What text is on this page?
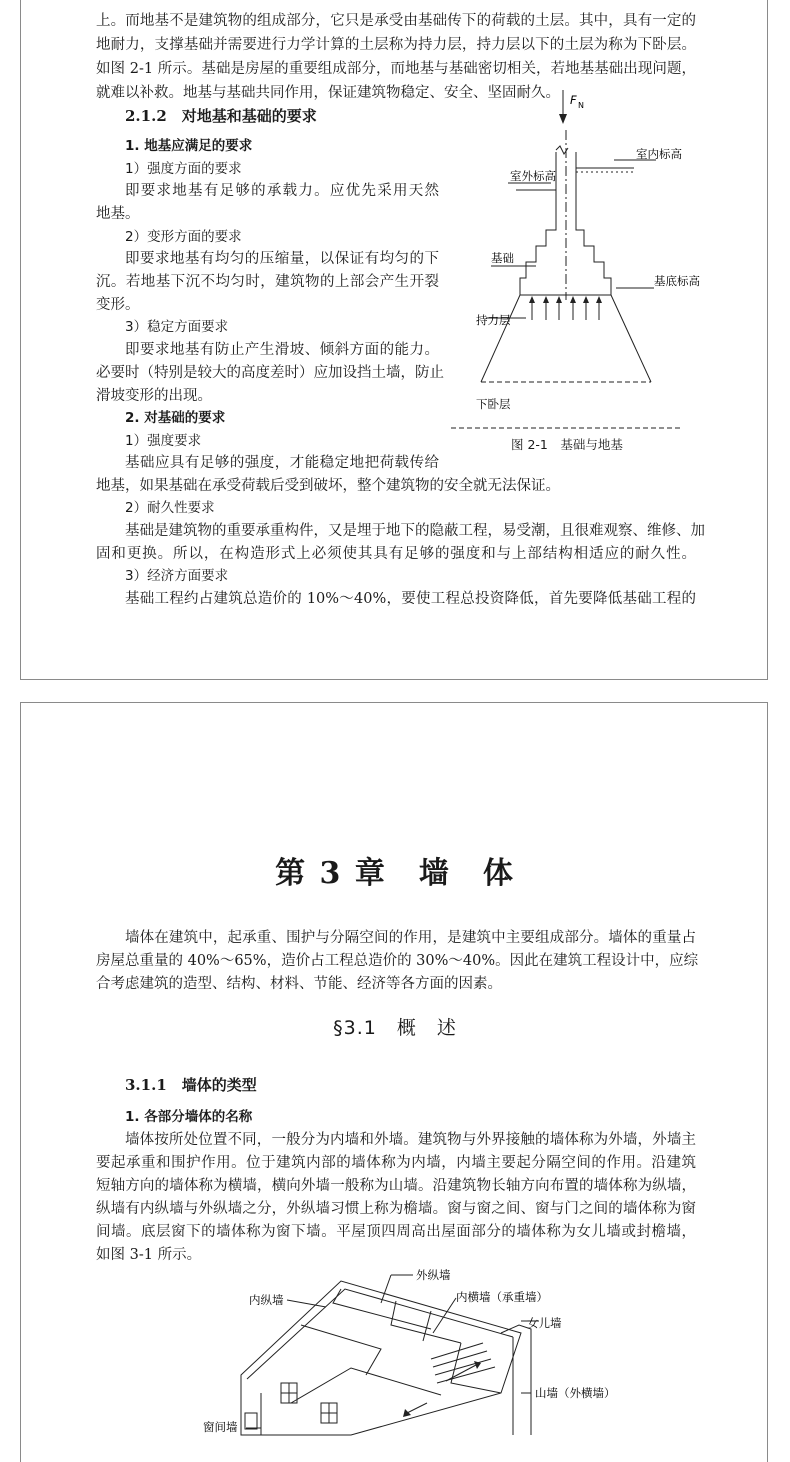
上。而地基不是建筑物的组成部分，它只是承受由基础传下的荷载的土层。其中，具有一定的
地耐力，支撑基础并需要进行力学计算的土层称为持力层，持力层以下的土层为称为下卧层。
如图 2-1 所示。基础是房屋的重要组成部分，而地基与基础密切相关，若地基基础出现问题，
就难以补救。地基与基础共同作用，保证建筑物稳定、安全、坚固耐久。
2.1.2　对地基和基础的要求
1. 地基应满足的要求
1）强度方面的要求
即要求地基有足够的承载力。应优先采用天然
地基。
2）变形方面的要求
即要求地基有均匀的压缩量，以保证有均匀的下
沉。若地基下沉不均匀时，建筑物的上部会产生开裂
变形。
3）稳定方面要求
即要求地基有防止产生滑坡、倾斜方面的能力。
必要时（特别是较大的高度差时）应加设挡土墙，防止
滑坡变形的出现。
2. 对基础的要求
1）强度要求
基础应具有足够的强度，才能稳定地把荷载传给
地基，如果基础在承受荷载后受到破坏，整个建筑物的安全就无法保证。
2）耐久性要求
基础是建筑物的重要承重构件，又是埋于地下的隐蔽工程，易受潮，且很难观察、维修、加
固和更换。所以，在构造形式上必须使其具有足够的强度和与上部结构相适应的耐久性。
3）经济方面要求
基础工程约占建筑总造价的 10%～40%，要使工程总投资降低，首先要降低基础工程的
F N
室内标高
室外标高
基础
基底标高
持力层
下卧层
图 2-1　基础与地基
第 3 章　墙　体
墙体在建筑中，起承重、围护与分隔空间的作用，是建筑中主要组成部分。墙体的重量占
房屋总重量的 40%～65%，造价占工程总造价的 30%～40%。因此在建筑工程设计中，应综
合考虑建筑的造型、结构、材料、节能、经济等各方面的因素。
§3.1　概　述
3.1.1　墙体的类型
1. 各部分墙体的名称
墙体按所处位置不同，一般分为内墙和外墙。建筑物与外界接触的墙体称为外墙，外墙主
要起承重和围护作用。位于建筑内部的墙体称为内墙，内墙主要起分隔空间的作用。沿建筑
短轴方向的墙体称为横墙，横向外墙一般称为山墙。沿建筑物长轴方向布置的墙体称为纵墙，
纵墙有内纵墙与外纵墙之分，外纵墙习惯上称为檐墙。窗与窗之间、窗与门之间的墙体称为窗
间墙。底层窗下的墙体称为窗下墙。平屋顶四周高出屋面部分的墙体称为女儿墙或封檐墙，
如图 3-1 所示。
外纵墙
内纵墙	内横墙（承重墙）
女儿墙
山墙（外横墙）
窗间墙
